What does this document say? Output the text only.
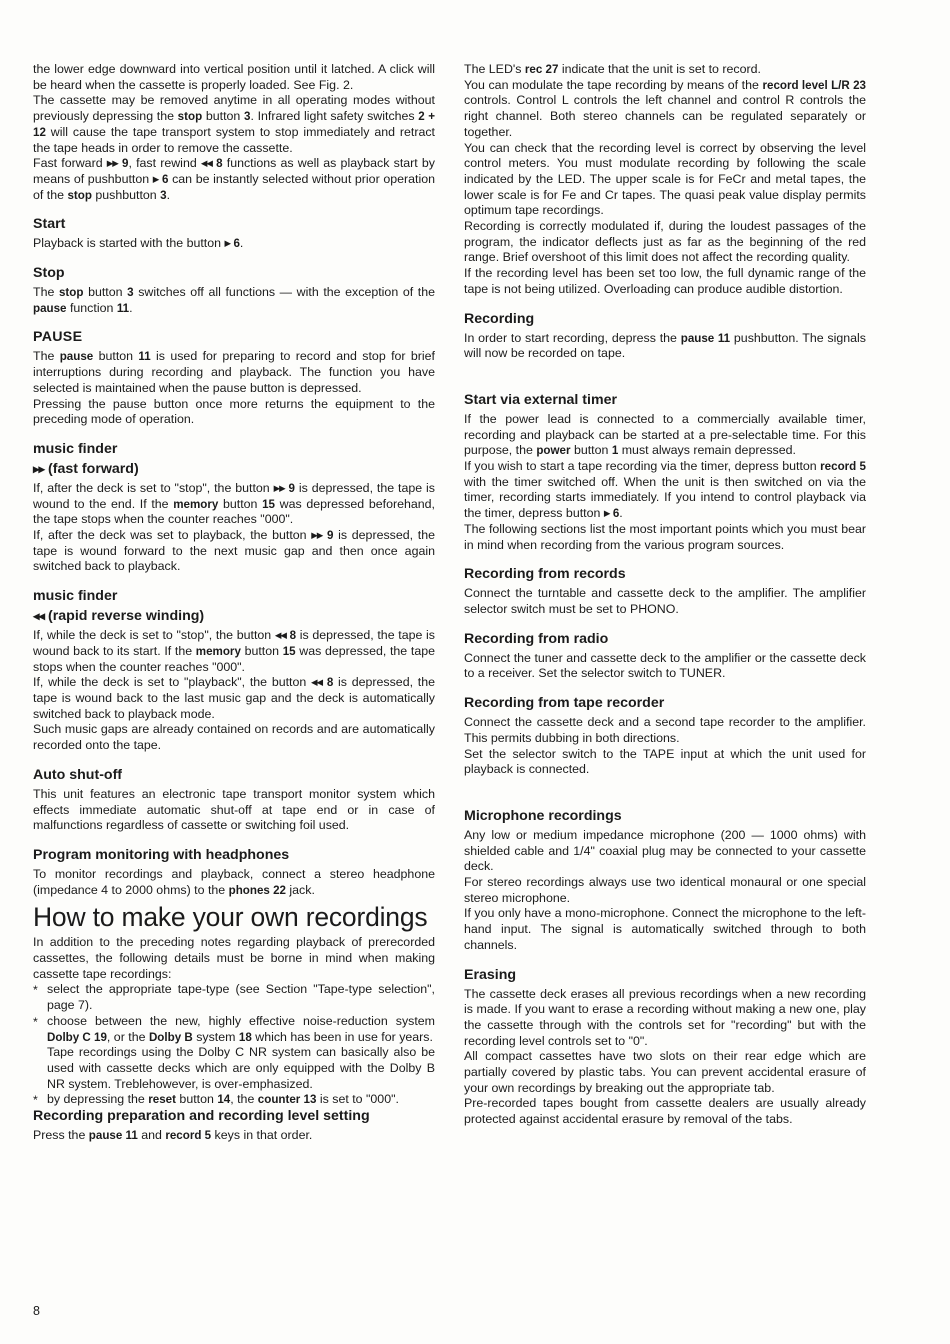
the lower edge downward into vertical position until it latched. A click will be heard when the cassette is properly loaded. See Fig. 2.

The cassette may be removed anytime in all operating modes without previously depressing the stop button 3. Infrared light safety switches 2 + 12 will cause the tape transport system to stop immediately and retract the tape heads in order to remove the cassette.

Fast forward ▶▶ 9, fast rewind ◀◀ 8 functions as well as playback start by means of pushbutton ▶ 6 can be instantly selected without prior operation of the stop pushbutton 3.

Start

Playback is started with the button ▶ 6.

Stop

The stop button 3 switches off all functions — with the exception of the pause function 11.

PAUSE

The pause button 11 is used for preparing to record and stop for brief interruptions during recording and playback. The function you have selected is maintained when the pause button is depressed.

Pressing the pause button once more returns the equipment to the preceding mode of operation.

music finder
▶▶ (fast forward)

If, after the deck is set to "stop", the button ▶▶ 9 is depressed, the tape is wound to the end. If the memory button 15 was depressed beforehand, the tape stops when the counter reaches "000".

If, after the deck was set to playback, the button ▶▶ 9 is depressed, the tape is wound forward to the next music gap and then once again switched back to playback.

music finder
◀◀ (rapid reverse winding)

If, while the deck is set to "stop", the button ◀◀ 8 is depressed, the tape is wound back to its start. If the memory button 15 was depressed, the tape stops when the counter reaches "000".

If, while the deck is set to "playback", the button ◀◀ 8 is depressed, the tape is wound back to the last music gap and the deck is automatically switched back to playback mode.

Such music gaps are already contained on records and are automatically recorded onto the tape.

Auto shut-off

This unit features an electronic tape transport monitor system which effects immediate automatic shut-off at tape end or in case of malfunctions regardless of cassette or switching foil used.

Program monitoring with headphones

To monitor recordings and playback, connect a stereo headphone (impedance 4 to 2000 ohms) to the phones 22 jack.

How to make your own recordings

In addition to the preceding notes regarding playback of prerecorded cassettes, the following details must be borne in mind when making cassette tape recordings:

* select the appropriate tape-type (see Section "Tape-type selection", page 7).
* choose between the new, highly effective noise-reduction system Dolby C 19, or the Dolby B system 18 which has been in use for years.
Tape recordings using the Dolby C NR system can basically also be used with cassette decks which are only equipped with the Dolby B NR system. Treblehowever, is over-emphasized.
* by depressing the reset button 14, the counter 13 is set to "000".
Recording preparation and recording level setting

Press the pause 11 and record 5 keys in that order.

The LED's rec 27 indicate that the unit is set to record.

You can modulate the tape recording by means of the record level L/R 23 controls. Control L controls the left channel and control R controls the right channel. Both stereo channels can be regulated separately or together.

You can check that the recording level is correct by observing the level control meters. You must modulate recording by following the scale indicated by the LED. The upper scale is for FeCr and metal tapes, the lower scale is for Fe and Cr tapes. The quasi peak value display permits optimum tape recordings.

Recording is correctly modulated if, during the loudest passages of the program, the indicator deflects just as far as the beginning of the red range. Brief overshoot of this limit does not affect the recording quality.

If the recording level has been set too low, the full dynamic range of the tape is not being utilized. Overloading can produce audible distortion.

Recording

In order to start recording, depress the pause 11 pushbutton. The signals will now be recorded on tape.

Start via external timer

If the power lead is connected to a commercially available timer, recording and playback can be started at a pre-selectable time. For this purpose, the power button 1 must always remain depressed.

If you wish to start a tape recording via the timer, depress button record 5 with the timer switched off. When the unit is then switched on via the timer, recording starts immediately. If you intend to control playback via the timer, depress button ▶ 6.

The following sections list the most important points which you must bear in mind when recording from the various program sources.

Recording from records

Connect the turntable and cassette deck to the amplifier. The amplifier selector switch must be set to PHONO.

Recording from radio

Connect the tuner and cassette deck to the amplifier or the cassette deck to a receiver. Set the selector switch to TUNER.

Recording from tape recorder

Connect the cassette deck and a second tape recorder to the amplifier. This permits dubbing in both directions.

Set the selector switch to the TAPE input at which the unit used for playback is connected.

Microphone recordings

Any low or medium impedance microphone (200 — 1000 ohms) with shielded cable and 1/4" coaxial plug may be connected to your cassette deck.

For stereo recordings always use two identical monaural or one special stereo microphone.

If you only have a mono-microphone. Connect the microphone to the left-hand input. The signal is automatically switched through to both channels.

Erasing

The cassette deck erases all previous recordings when a new recording is made. If you want to erase a recording without making a new one, play the cassette through with the controls set for "recording" but with the recording level controls set to "0".

All compact cassettes have two slots on their rear edge which are partially covered by plastic tabs. You can prevent accidental erasure of your own recordings by breaking out the appropriate tab.

Pre-recorded tapes bought from cassette dealers are usually already protected against accidental erasure by removal of the tabs.

8
